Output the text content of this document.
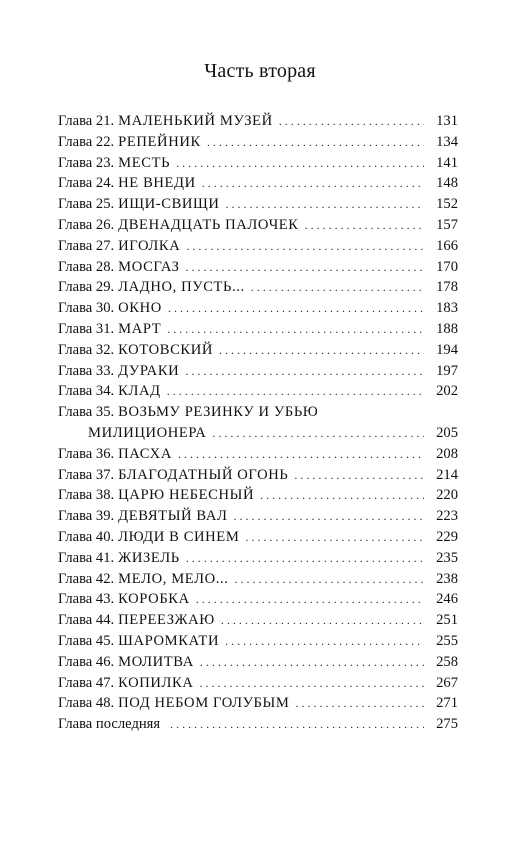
Часть вторая
Глава 21. МАЛЕНЬКИЙ МУЗЕЙ . . .	131
Глава 22. РЕПЕЙНИК . . .	134
Глава 23. МЕСТЬ . . .	141
Глава 24. НЕ ВНЕДИ . . .	148
Глава 25. ИЩИ-СВИЩИ . . .	152
Глава 26. ДВЕНАДЦАТЬ ПАЛОЧЕК . . .	157
Глава 27. ИГОЛКА . . .	166
Глава 28. МОСГАЗ . . .	170
Глава 29. ЛАДНО, ПУСТЬ... . . .	178
Глава 30. ОКНО . . .	183
Глава 31. МАРТ . . .	188
Глава 32. КОТОВСКИЙ . . .	194
Глава 33. ДУРАКИ . . .	197
Глава 34. КЛАД . . .	202
Глава 35. ВОЗЬМУ РЕЗИНКУ И УБЬЮ
МИЛИЦИОНЕРА . . .	205
Глава 36. ПАСХА . . .	208
Глава 37. БЛАГОДАТНЫЙ ОГОНЬ . . .	214
Глава 38. ЦАРЮ НЕБЕСНЫЙ . . .	220
Глава 39. ДЕВЯТЫЙ ВАЛ . . .	223
Глава 40. ЛЮДИ В СИНЕМ . . .	229
Глава 41. ЖИЗЕЛЬ . . .	235
Глава 42. МЕЛО, МЕЛО... . . .	238
Глава 43. КОРОБКА . . .	246
Глава 44. ПЕРЕЕЗЖАЮ . . .	251
Глава 45. ШАРОМКАТИ . . .	255
Глава 46. МОЛИТВА . . .	258
Глава 47. КОПИЛКА . . .	267
Глава 48. ПОД НЕБОМ ГОЛУБЫМ . . .	271
Глава последняя . . .	275
